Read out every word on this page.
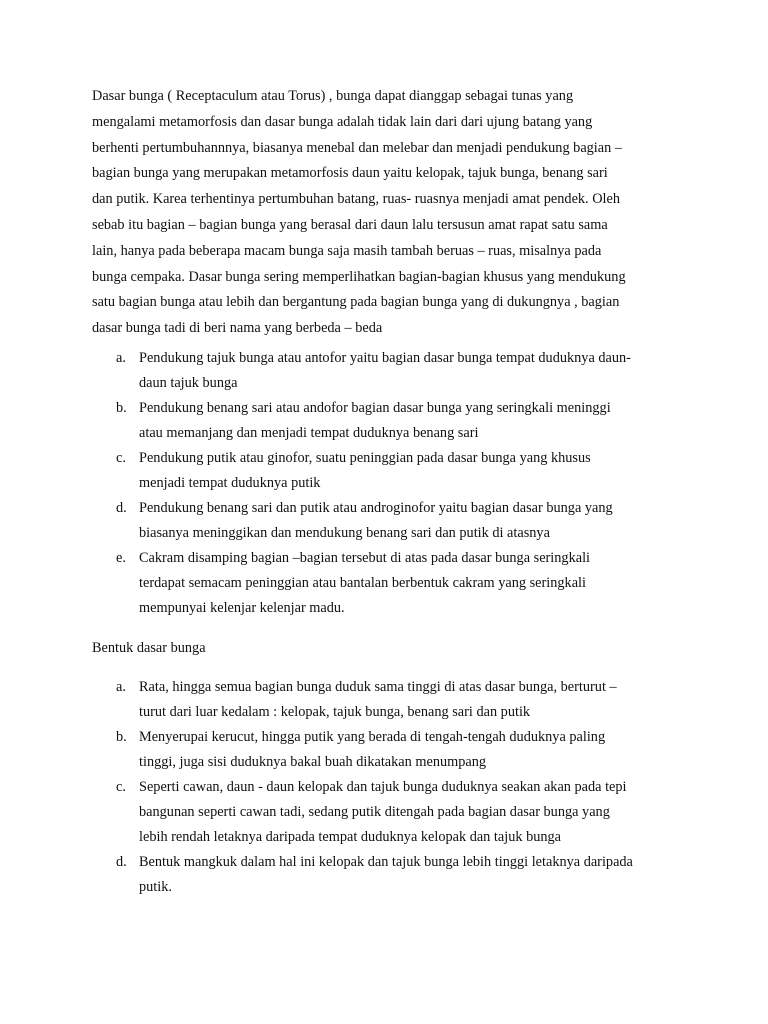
Dasar bunga ( Receptaculum atau Torus) , bunga dapat dianggap sebagai tunas yang
mengalami metamorfosis dan dasar bunga adalah tidak lain dari dari ujung batang yang
berhenti pertumbuhannnya, biasanya menebal dan melebar dan menjadi pendukung bagian –
bagian bunga yang merupakan metamorfosis daun yaitu kelopak, tajuk bunga, benang sari
dan putik. Karea terhentinya pertumbuhan batang, ruas- ruasnya menjadi amat pendek. Oleh
sebab itu bagian – bagian bunga yang berasal dari daun lalu tersusun amat rapat satu sama
lain, hanya pada beberapa macam bunga saja masih tambah beruas – ruas, misalnya pada
bunga cempaka. Dasar bunga sering memperlihatkan bagian-bagian khusus yang mendukung
satu bagian bunga atau lebih dan bergantung pada bagian bunga yang di dukungnya , bagian
dasar bunga tadi di beri nama yang berbeda – beda
a. Pendukung tajuk bunga atau antofor yaitu bagian dasar bunga tempat duduknya daun-
daun tajuk bunga
b. Pendukung benang sari atau andofor bagian dasar bunga yang seringkali meninggi
atau memanjang dan menjadi tempat duduknya benang sari
c. Pendukung putik atau ginofor, suatu peninggian pada dasar bunga yang khusus
menjadi tempat duduknya putik
d. Pendukung benang sari dan putik atau androginofor yaitu bagian dasar bunga yang
biasanya meninggikan dan mendukung benang sari dan putik di atasnya
e. Cakram disamping bagian –bagian tersebut di atas pada dasar bunga seringkali
terdapat semacam peninggian atau bantalan berbentuk cakram yang seringkali
mempunyai kelenjar kelenjar madu.
Bentuk dasar bunga
a. Rata, hingga semua bagian bunga duduk sama tinggi di atas dasar bunga, berturut –
turut dari luar kedalam : kelopak, tajuk bunga, benang sari dan putik
b. Menyerupai kerucut, hingga putik yang berada di tengah-tengah duduknya paling
tinggi, juga sisi duduknya bakal buah dikatakan menumpang
c. Seperti cawan, daun - daun kelopak dan tajuk bunga duduknya seakan akan pada tepi
bangunan seperti cawan tadi, sedang putik ditengah pada bagian dasar bunga yang
lebih rendah letaknya daripada tempat duduknya kelopak dan tajuk bunga
d. Bentuk mangkuk dalam hal ini kelopak dan tajuk bunga lebih tinggi letaknya daripada
putik.
